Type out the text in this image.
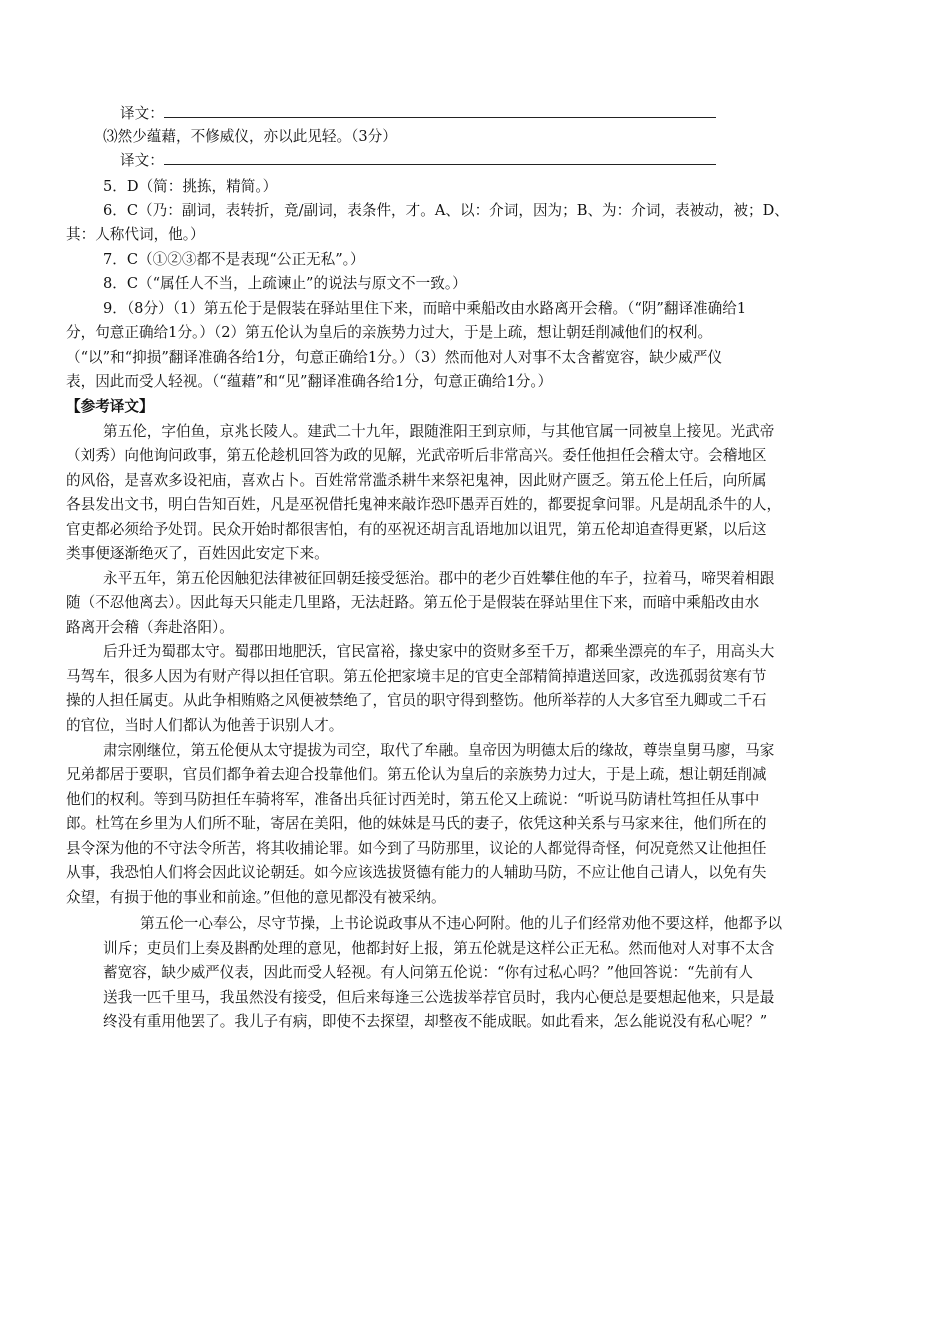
译文：
⑶然少蕴藉，不修威仪，亦以此见轻。（3分）
译文：
5．D（简：挑拣，精简。）
6．C（乃：副词，表转折，竟/副词，表条件，才。A、以：介词，因为；B、为：介词，表被动，被；D、
其：人称代词，他。）
7．C（①②③都不是表现“公正无私”。）
8．C（“属任人不当，上疏谏止”的说法与原文不一致。）
9．（8分）（1）第五伦于是假装在驿站里住下来，而暗中乘船改由水路离开会稽。（“阴”翻译准确给1
分，句意正确给1分。）（2）第五伦认为皇后的亲族势力过大，于是上疏，想让朝廷削减他们的权利。
（“以”和“抑损”翻译准确各给1分，句意正确给1分。）（3）然而他对人对事不太含蓄宽容，缺少威严仪
表，因此而受人轻视。（“蕴藉”和“见”翻译准确各给1分，句意正确给1分。）
【参考译文】
第五伦，字伯鱼，京兆长陵人。建武二十九年，跟随淮阳王到京师，与其他官属一同被皇上接见。光武帝
（刘秀）向他询问政事，第五伦趁机回答为政的见解，光武帝听后非常高兴。委任他担任会稽太守。会稽地区
的风俗，是喜欢多设祀庙，喜欢占卜。百姓常常滥杀耕牛来祭祀鬼神，因此财产匮乏。第五伦上任后，向所属
各县发出文书，明白告知百姓，凡是巫祝借托鬼神来敲诈恐吓愚弄百姓的，都要捉拿问罪。凡是胡乱杀牛的人，
官吏都必须给予处罚。民众开始时都很害怕，有的巫祝还胡言乱语地加以诅咒，第五伦却追查得更紧，以后这
类事便逐渐绝灭了，百姓因此安定下来。
永平五年，第五伦因触犯法律被征回朝廷接受惩治。郡中的老少百姓攀住他的车子，拉着马，啼哭着相跟
随（不忍他离去）。因此每天只能走几里路，无法赶路。第五伦于是假装在驿站里住下来，而暗中乘船改由水
路离开会稽（奔赴洛阳）。
后升迁为蜀郡太守。蜀郡田地肥沃，官民富裕，掾史家中的资财多至千万，都乘坐漂亮的车子，用高头大
马驾车，很多人因为有财产得以担任官职。第五伦把家境丰足的官吏全部精简掉遣送回家，改选孤弱贫寒有节
操的人担任属吏。从此争相贿赂之风便被禁绝了，官员的职守得到整饬。他所举荐的人大多官至九卿或二千石
的官位，当时人们都认为他善于识别人才。
肃宗刚继位，第五伦便从太守提拔为司空，取代了牟融。皇帝因为明德太后的缘故，尊崇皇舅马廖，马家
兄弟都居于要职，官员们都争着去迎合投靠他们。第五伦认为皇后的亲族势力过大，于是上疏，想让朝廷削减
他们的权利。等到马防担任车骑将军，准备出兵征讨西羌时，第五伦又上疏说：“听说马防请杜笃担任从事中
郎。杜笃在乡里为人们所不耻，寄居在美阳，他的妹妹是马氏的妻子，依凭这种关系与马家来往，他们所在的
县令深为他的不守法令所苦，将其收捕论罪。如今到了马防那里，议论的人都觉得奇怪，何况竟然又让他担任
从事，我恐怕人们将会因此议论朝廷。如今应该选拔贤德有能力的人辅助马防，不应让他自己请人，以免有失
众望，有损于他的事业和前途。”但他的意见都没有被采纳。
第五伦一心奉公，尽守节操，上书论说政事从不违心阿附。他的儿子们经常劝他不要这样，他都予以
训斥；吏员们上奏及斟酌处理的意见，他都封好上报，第五伦就是这样公正无私。然而他对人对事不太含
蓄宽容，缺少威严仪表，因此而受人轻视。有人问第五伦说：“你有过私心吗？”他回答说：“先前有人
送我一匹千里马，我虽然没有接受，但后来每逢三公选拔举荐官员时，我内心便总是要想起他来，只是最
终没有重用他罢了。我儿子有病，即使不去探望，却整夜不能成眠。如此看来，怎么能说没有私心呢？”
